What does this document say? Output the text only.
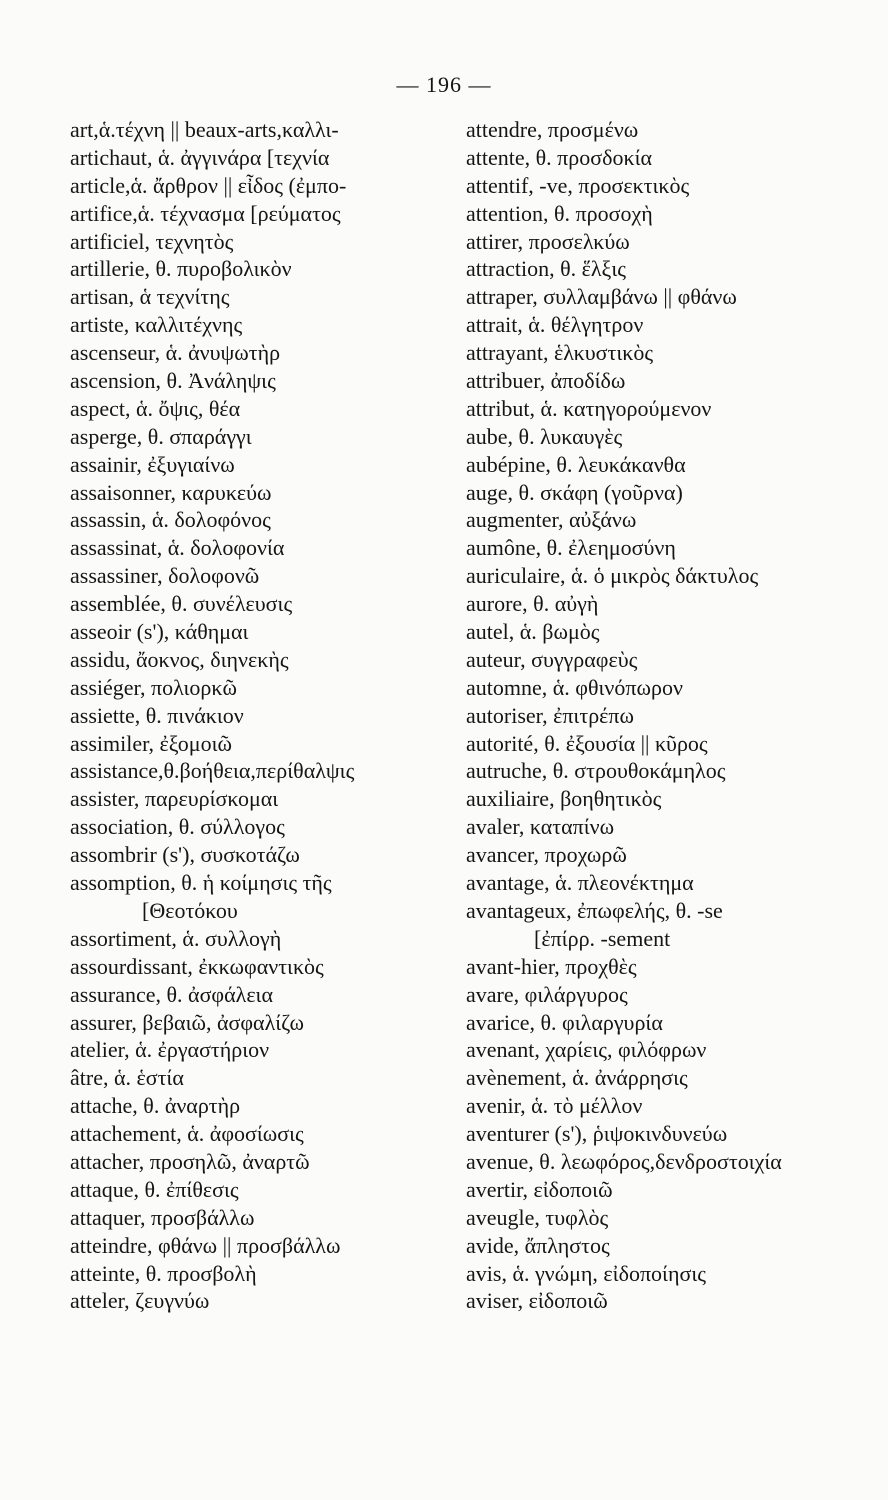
— 196 —
art,ἁ.τέχνη || beaux-arts,καλλι-
artichaut, ἁ. ἀγγινάρα [τεχνία
article,ἁ. ἄρθρον || εἶδος (ἐμπο-
artifice,ἁ. τέχνασμα [ρεύματος
artificiel, τεχνητὸς
artillerie, θ. πυροβολικὸν
artisan, ἁ τεχνίτης
artiste, καλλιτέχνης
ascenseur, ἁ. ἀνυψωτὴρ
ascension, θ. Ἀνάληψις
aspect, ἁ. ὄψις, θέα
asperge, θ. σπαράγγι
assainir, ἐξυγιαίνω
assaisonner, καρυκεύω
assassin, ἁ. δολοφόνος
assassinat, ἁ. δολοφονία
assassiner, δολοφονῶ
assemblée, θ. συνέλευσις
asseoir (s'), κάθημαι
assidu, ἄοκνος, διηνεκὴς
assiéger, πολιορκῶ
assiette, θ. πινάκιον
assimiler, ἐξομοιῶ
assistance,θ.βοήθεια,περίθαλψις
assister, παρευρίσκομαι
association, θ. σύλλογος
assombrir (s'), συσκοτάζω
assomption, θ. ἡ κοίμησις τῆς
[Θεοτόκου
assortiment, ἁ. συλλογὴ
assourdissant, ἐκκωφαντικὸς
assurance, θ. ἀσφάλεια
assurer, βεβαιῶ, ἀσφαλίζω
atelier, ἁ. ἐργαστήριον
âtre, ἁ. ἑστία
attache, θ. ἀναρτὴρ
attachement, ἁ. ἀφοσίωσις
attacher, προσηλῶ, ἀναρτῶ
attaque, θ. ἐπίθεσις
attaquer, προσβάλλω
atteindre, φθάνω || προσβάλλω
atteinte, θ. προσβολὴ
atteler, ζευγνύω
attendre, προσμένω
attente, θ. προσδοκία
attentif, -ve, προσεκτικὸς
attention, θ. προσοχὴ
attirer, προσελκύω
attraction, θ. ἕλξις
attraper, συλλαμβάνω || φθάνω
attrait, ἁ. θέλγητρον
attrayant, ἑλκυστικὸς
attribuer, ἀποδίδω
attribut, ἁ. κατηγορούμενον
aube, θ. λυκαυγὲς
aubépine, θ. λευκάκανθα
auge, θ. σκάφη (γοῦρνα)
augmenter, αὐξάνω
aumône, θ. ἐλεημοσύνη
auriculaire, ἁ. ὁ μικρὸς δάκτυλος
aurore, θ. αὐγὴ
autel, ἁ. βωμὸς
auteur, συγγραφεὺς
automne, ἁ. φθινόπωρον
autoriser, ἐπιτρέπω
autorité, θ. ἐξουσία || κῦρος
autruche, θ. στρουθοκάμηλος
auxiliaire, βοηθητικὸς
avaler, καταπίνω
avancer, προχωρῶ
avantage, ἁ. πλεονέκτημα
avantageux, ἐπωφελής, θ. -se
[ἐπίρρ. -sement
avant-hier, προχθὲς
avare, φιλάργυρος
avarice, θ. φιλαργυρία
avenant, χαρίεις, φιλόφρων
avènement, ἁ. ἀνάρρησις
avenir, ἁ. τὸ μέλλον
aventurer (s'), ῥιψοκινδυνεύω
avenue, θ. λεωφόρος,δενδροστοιχία
avertir, εἰδοποιῶ
aveugle, τυφλὸς
avide, ἄπληστος
avis, ἁ. γνώμη, εἰδοποίησις
aviser, εἰδοποιῶ
